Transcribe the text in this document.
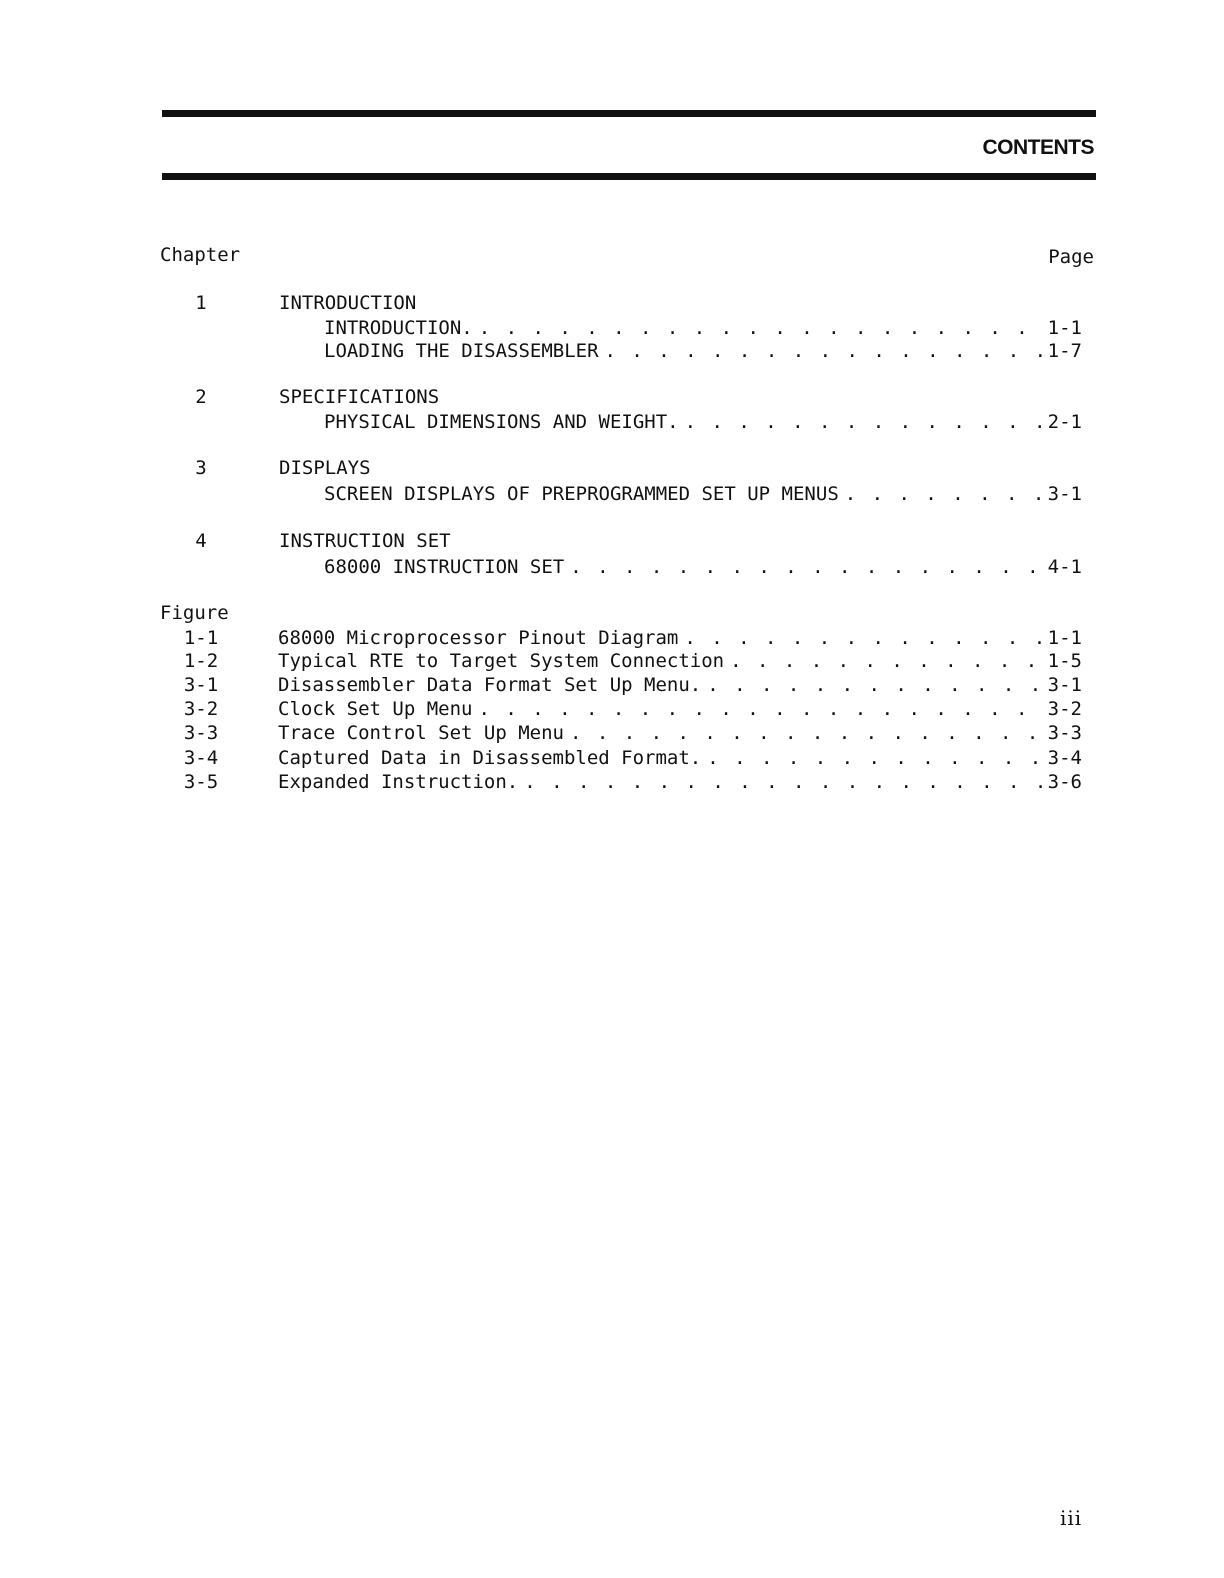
CONTENTS
Chapter	Page
1	INTRODUCTION
INTRODUCTION. . . .	1-1
LOADING THE DISASSEMBLER . . .	1-7
2	SPECIFICATIONS
PHYSICAL DIMENSIONS AND WEIGHT. . . .	2-1
3	DISPLAYS
SCREEN DISPLAYS OF PREPROGRAMMED SET UP MENUS . . .	3-1
4	INSTRUCTION SET
68000 INSTRUCTION SET . . .	4-1
Figure
1-1	68000 Microprocessor Pinout Diagram . . .	1-1
1-2	Typical RTE to Target System Connection . . .	1-5
3-1	Disassembler Data Format Set Up Menu. . . .	3-1
3-2	Clock Set Up Menu . . .	3-2
3-3	Trace Control Set Up Menu . . .	3-3
3-4	Captured Data in Disassembled Format. . . .	3-4
3-5	Expanded Instruction. . . .	3-6
iii
